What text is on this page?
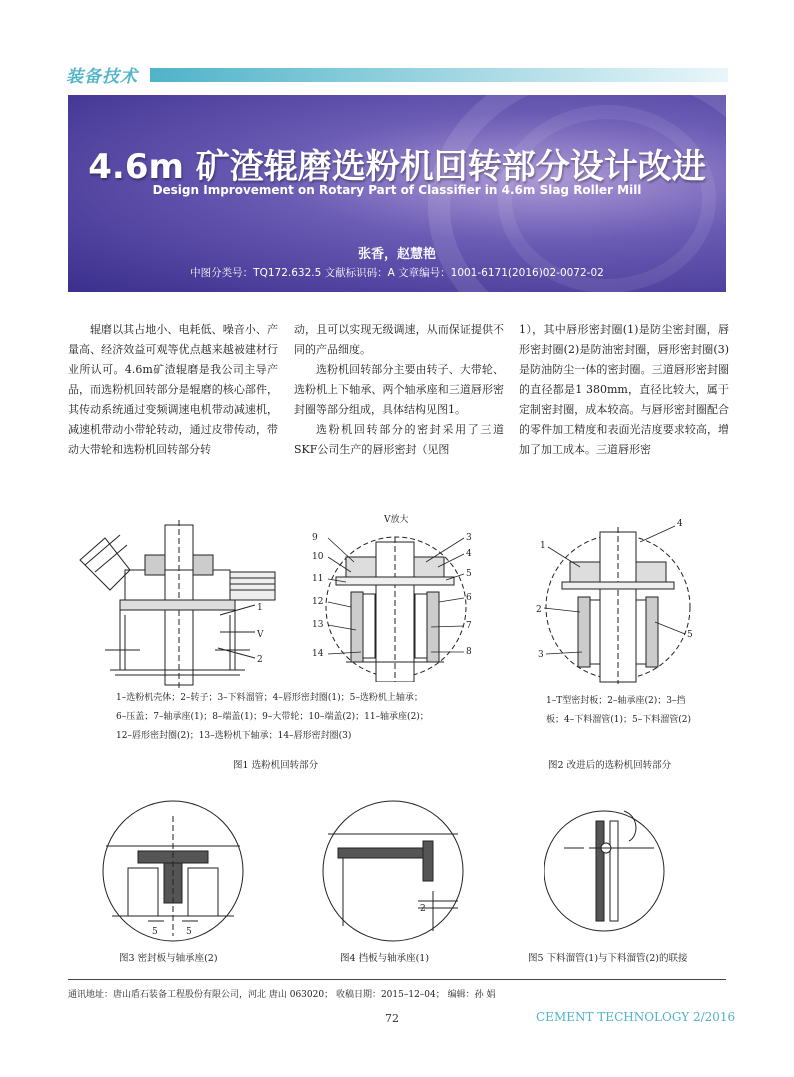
装备技术
4.6m 矿渣辊磨选粉机回转部分设计改进
Design Improvement on Rotary Part of Classifier in 4.6m Slag Roller Mill
张香，赵慧艳
中图分类号：TQ172.632.5 文献标识码：A 文章编号：1001-6171(2016)02-0072-02

辊磨以其占地小、电耗低、噪音小、产量高、经济效益可观等优点越来越被建材行业所认可。4.6m矿渣辊磨是我公司主导产品，而选粉机回转部分是辊磨的核心部件，其传动系统通过变频调速电机带动减速机，减速机带动小带轮转动，通过皮带传动，带动大带轮和选粉机回转部分转

动，且可以实现无级调速，从而保证提供不同的产品细度。

选粉机回转部分主要由转子、大带轮、选粉机上下轴承、两个轴承座和三道唇形密封圈等部分组成，具体结构见图1。

选粉机回转部分的密封采用了三道SKF公司生产的唇形密封（见图

1），其中唇形密封圈(1)是防尘密封圈，唇形密封圈(2)是防油密封圈，唇形密封圈(3)是防油防尘一体的密封圈。三道唇形密封圈的直径都是1 380mm，直径比较大，属于定制密封圈，成本较高。与唇形密封圈配合的零件加工精度和表面光洁度要求较高，增加了加工成本。三道唇形密

1
V
2
V放大
9
10
11
12
13
14
3
4
5
6
7
8
1
2
3
4
5
1–选粉机壳体；2–转子；3–下料溜管；4–唇形密封圈(1)；5–选粉机上轴承；
6–压盖；7–轴承座(1)；8–端盖(1)；9–大带轮；10–端盖(2)；11–轴承座(2)；
12–唇形密封圈(2)；13–选粉机下轴承；14–唇形密封圈(3)
图1 选粉机回转部分
1–T型密封板；2–轴承座(2)；3–挡
板；4–下料溜管(1)；5–下料溜管(2)
图2 改进后的选粉机回转部分
5	5
图3 密封板与轴承座(2)
2
图4 挡板与轴承座(1)	图5 下料溜管(1)与下料溜管(2)的联接
通讯地址：唐山盾石装备工程股份有限公司，河北 唐山 063020； 收稿日期：2015–12–04； 编辑：孙 娟
72	CEMENT TECHNOLOGY 2/2016
